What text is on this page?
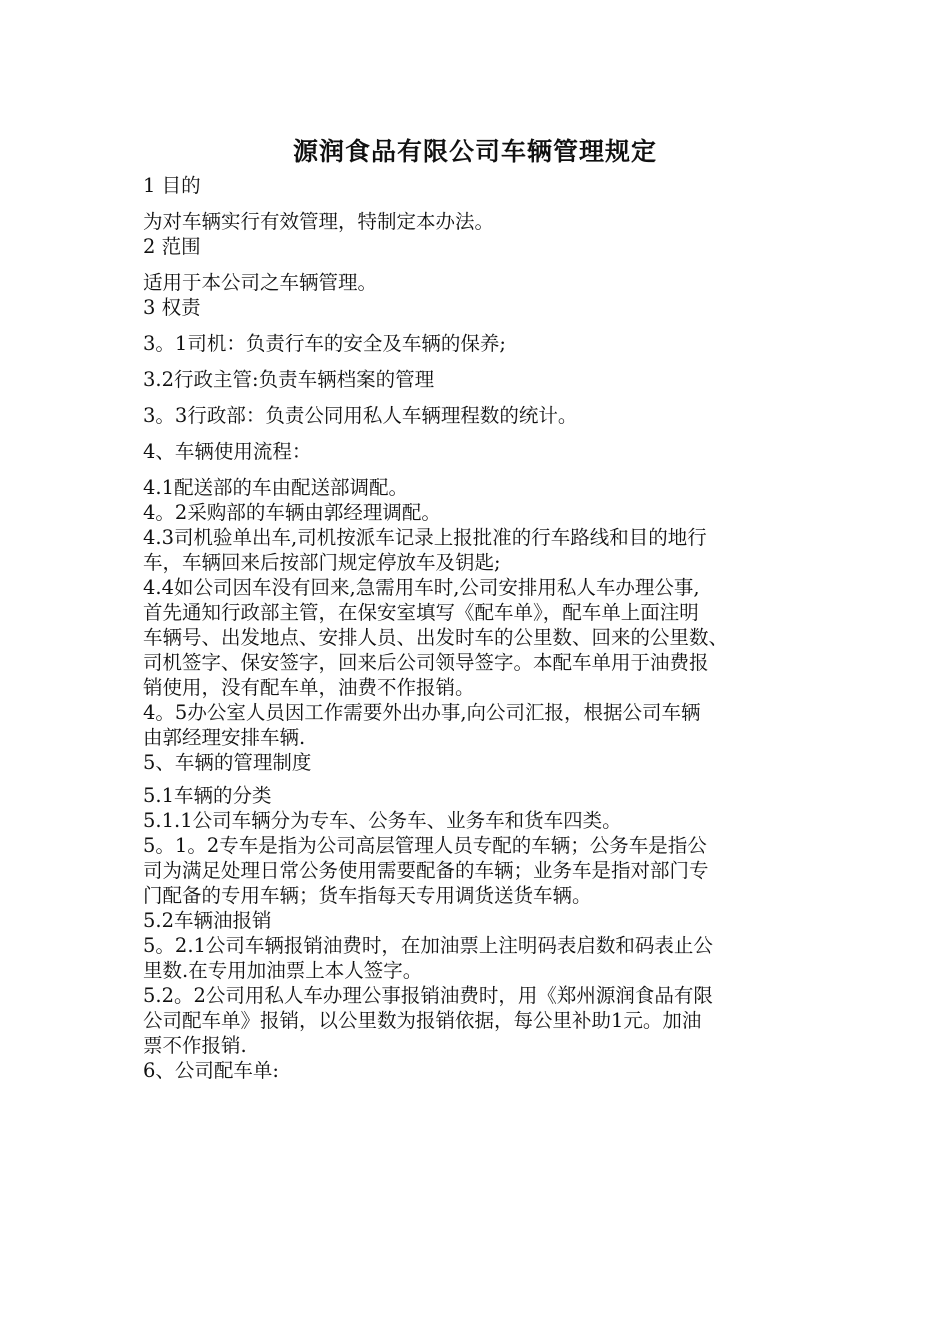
源润食品有限公司车辆管理规定
1 目的
为对车辆实行有效管理，特制定本办法。
2 范围
适用于本公司之车辆管理。
3 权责
3。1司机：负责行车的安全及车辆的保养;
3.2行政主管:负责车辆档案的管理
3。3行政部：负责公同用私人车辆理程数的统计。
4、车辆使用流程：
4.1配送部的车由配送部调配。
4。2采购部的车辆由郭经理调配。
4.3司机验单出车,司机按派车记录上报批准的行车路线和目的地行
车，车辆回来后按部门规定停放车及钥匙;
4.4如公司因车没有回来,急需用车时,公司安排用私人车办理公事,
首先通知行政部主管，在保安室填写《配车单》，配车单上面注明
车辆号、出发地点、安排人员、出发时车的公里数、回来的公里数、
司机签字、保安签字，回来后公司领导签字。本配车单用于油费报
销使用，没有配车单，油费不作报销。
4。5办公室人员因工作需要外出办事,向公司汇报，根据公司车辆
由郭经理安排车辆.
5、车辆的管理制度
5.1车辆的分类
5.1.1公司车辆分为专车、公务车、业务车和货车四类。
5。1。2专车是指为公司高层管理人员专配的车辆；公务车是指公
司为满足处理日常公务使用需要配备的车辆；业务车是指对部门专
门配备的专用车辆；货车指每天专用调货送货车辆。
5.2车辆油报销
5。2.1公司车辆报销油费时，在加油票上注明码表启数和码表止公
里数.在专用加油票上本人签字。
5.2。2公司用私人车办理公事报销油费时，用《郑州源润食品有限
公司配车单》报销，以公里数为报销依据，每公里补助1元。加油
票不作报销.
6、公司配车单:
